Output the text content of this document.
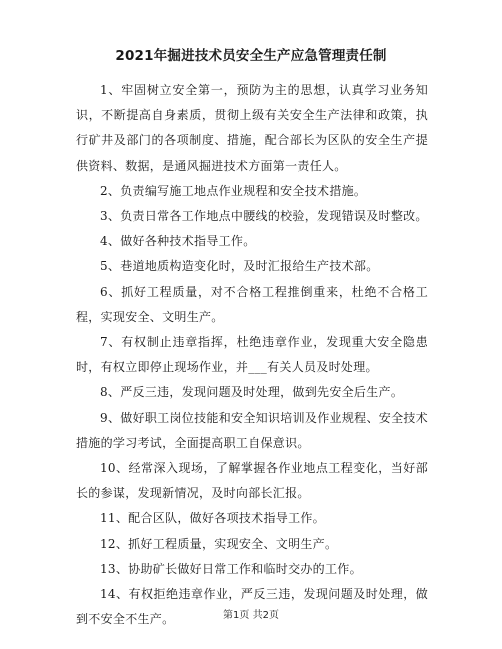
2021年掘进技术员安全生产应急管理责任制

1、牢固树立安全第一，预防为主的思想，认真学习业务知识，不断提高自身素质，贯彻上级有关安全生产法律和政策，执行矿井及部门的各项制度、措施，配合部长为区队的安全生产提供资料、数据，是通风掘进技术方面第一责任人。

2、负责编写施工地点作业规程和安全技术措施。

3、负责日常各工作地点中腰线的校验，发现错误及时整改。

4、做好各种技术指导工作。

5、巷道地质构造变化时，及时汇报给生产技术部。

6、抓好工程质量，对不合格工程推倒重来，杜绝不合格工程，实现安全、文明生产。

7、有权制止违章指挥，杜绝违章作业，发现重大安全隐患时，有权立即停止现场作业，并___有关人员及时处理。

8、严反三违，发现问题及时处理，做到先安全后生产。

9、做好职工岗位技能和安全知识培训及作业规程、安全技术措施的学习考试，全面提高职工自保意识。

10、经常深入现场，了解掌握各作业地点工程变化，当好部长的参谋，发现新情况，及时向部长汇报。

11、配合区队，做好各项技术指导工作。

12、抓好工程质量，实现安全、文明生产。

13、协助矿长做好日常工作和临时交办的工作。

14、有权拒绝违章作业，严反三违，发现问题及时处理，做到不安全不生产。	第1页 共2页
